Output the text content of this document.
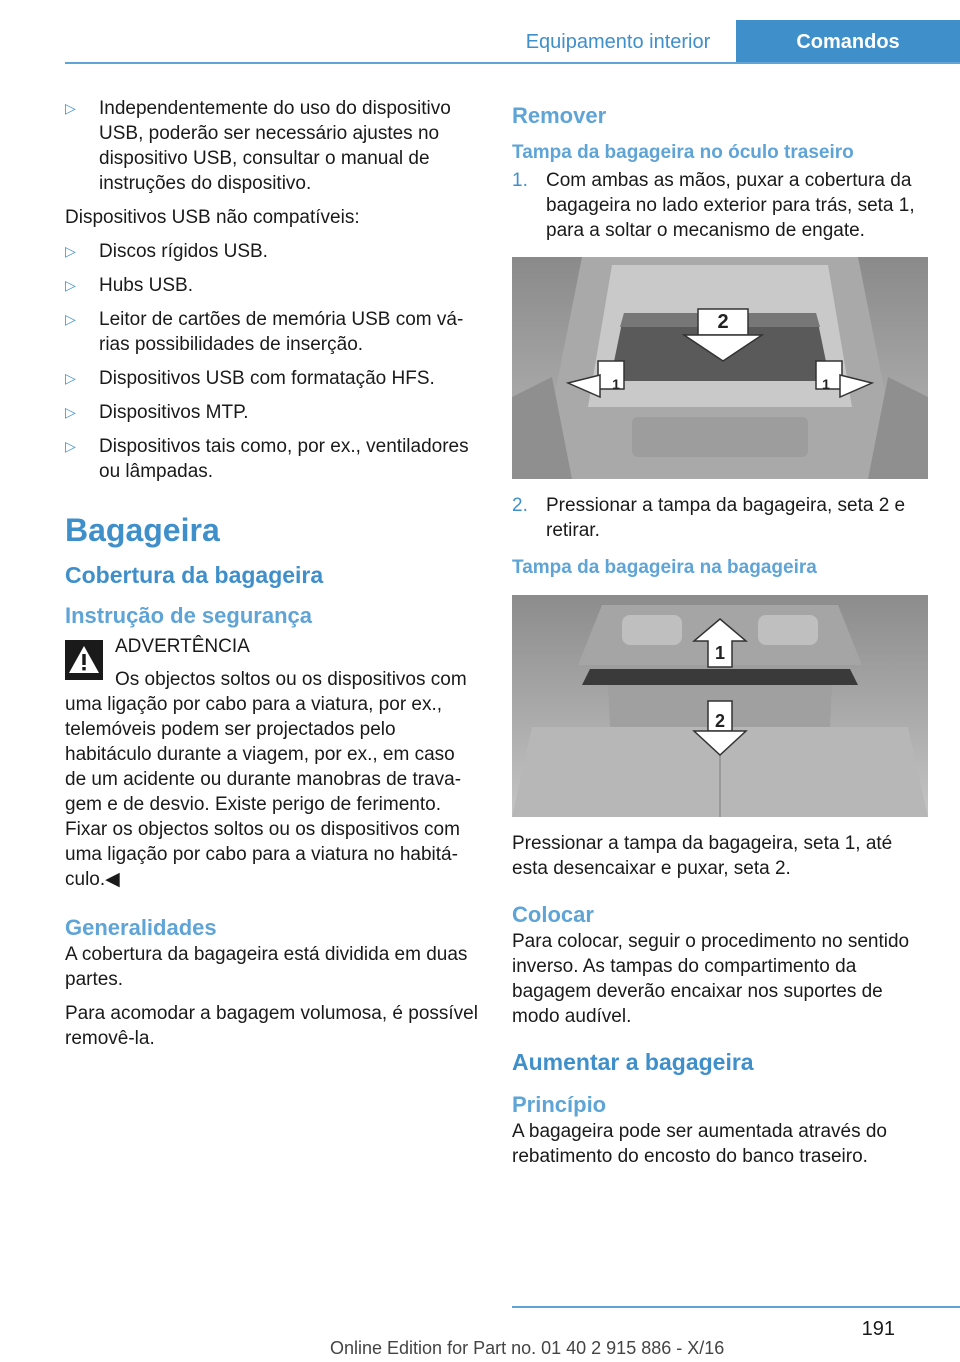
Equipamento interior	Comandos
▷	Independentemente do uso do dispositivo USB, poderão ser necessário ajustes no dispositivo USB, consultar o manual de instruções do dispositivo.

Dispositivos USB não compatíveis:

▷	Discos rígidos USB.
▷	Hubs USB.
▷	Leitor de cartões de memória USB com várias possibilidades de inserção.
▷	Dispositivos USB com formatação HFS.
▷	Dispositivos MTP.
▷	Dispositivos tais como, por ex., ventiladores ou lâmpadas.
Bagageira
Cobertura da bagageira
Instrução de segurança

ADVERTÊNCIA

Os objectos soltos ou os dispositivos com uma ligação por cabo para a viatura, por ex., telemóveis podem ser projectados pelo habitáculo durante a viagem, por ex., em caso de um acidente ou durante manobras de travagem e de desvio. Existe perigo de ferimento. Fixar os objectos soltos ou os dispositivos com uma ligação por cabo para a viatura no habitáculo.◀

Generalidades

A cobertura da bagageira está dividida em duas partes.

Para acomodar a bagagem volumosa, é possível removê-la.

Remover
Tampa da bagageira no óculo traseiro
1. Com ambas as mãos, puxar a cobertura da bagageira no lado exterior para trás, seta 1, para a soltar o mecanismo de engate.
2
1	1
2. Pressionar a tampa da bagageira, seta 2 e retirar.
Tampa da bagageira na bagageira
1
2

Pressionar a tampa da bagageira, seta 1, até esta desencaixar e puxar, seta 2.

Colocar

Para colocar, seguir o procedimento no sentido inverso. As tampas do compartimento da bagagem deverão encaixar nos suportes de modo audível.

Aumentar a bagageira
Princípio

A bagageira pode ser aumentada através do rebatimento do encosto do banco traseiro.

191
Online Edition for Part no. 01 40 2 915 886 - X/16
